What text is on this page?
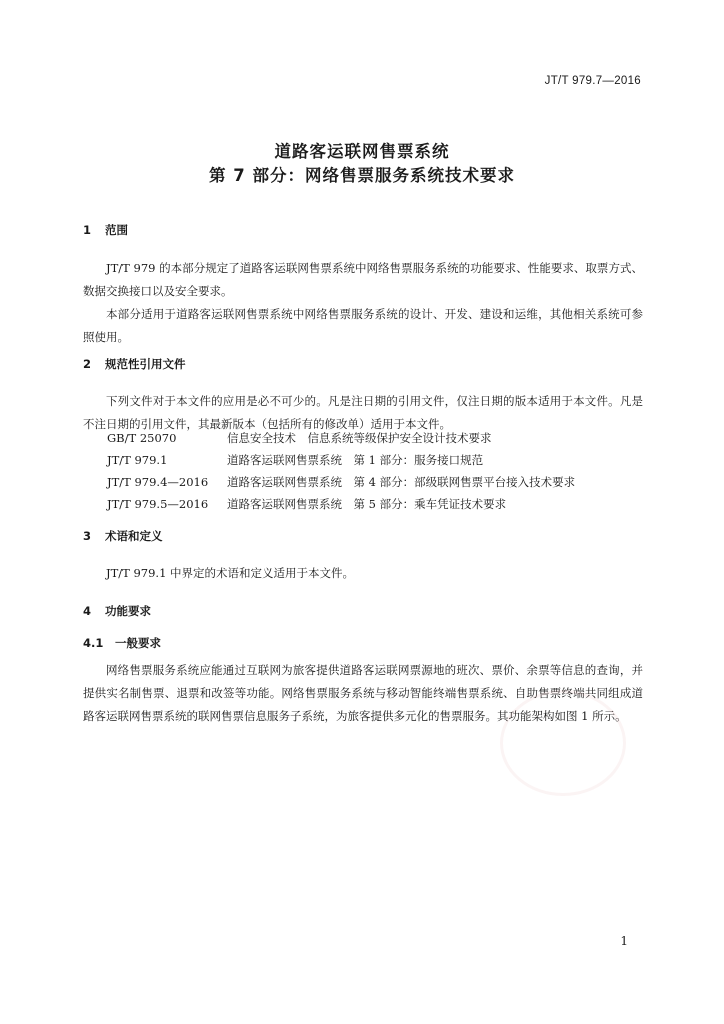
JT/T 979.7—2016
道路客运联网售票系统
第 7 部分：网络售票服务系统技术要求
1 范围

JT/T 979 的本部分规定了道路客运联网售票系统中网络售票服务系统的功能要求、性能要求、取票方式、数据交换接口以及安全要求。

本部分适用于道路客运联网售票系统中网络售票服务系统的设计、开发、建设和运维，其他相关系统可参照使用。

2 规范性引用文件

下列文件对于本文件的应用是必不可少的。凡是注日期的引用文件，仅注日期的版本适用于本文件。凡是不注日期的引用文件，其最新版本（包括所有的修改单）适用于本文件。

GB/T 25070	信息安全技术　信息系统等级保护安全设计技术要求
JT/T 979.1	道路客运联网售票系统　第 1 部分：服务接口规范
JT/T 979.4—2016 道路客运联网售票系统　第 4 部分：部级联网售票平台接入技术要求
JT/T 979.5—2016 道路客运联网售票系统　第 5 部分：乘车凭证技术要求
3 术语和定义

JT/T 979.1 中界定的术语和定义适用于本文件。

4 功能要求
4.1 一般要求

网络售票服务系统应能通过互联网为旅客提供道路客运联网票源地的班次、票价、余票等信息的查询，并提供实名制售票、退票和改签等功能。网络售票服务系统与移动智能终端售票系统、自助售票终端共同组成道路客运联网售票系统的联网售票信息服务子系统，为旅客提供多元化的售票服务。其功能架构如图 1 所示。

1
